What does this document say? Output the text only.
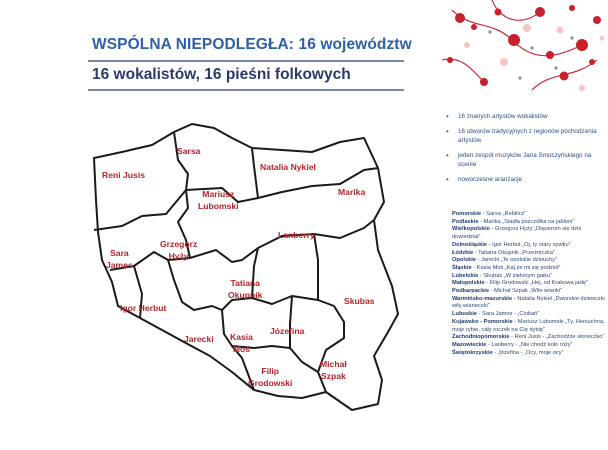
WSPÓLNA NIEPODLEGŁA: 16 województw
16 wokalistów, 16 pieśni folkowych
Sarsa
Reni Jusis
Natalia Nykiel
Marika
Mariusz
Lubomski
Lanberry
Sara
James
Grzegorz
Hyży
Tatiana
Okupnik
Igor Herbut
Skubas
Jarecki Kasia
Moś
Józefina
Filip
Grodowski
Michał
Szpak
• 16 znanych artystów wokalistów
• 16 utworów tradycyjnych z regionów pochodzenia artystów
• jeden zespół muzyków Jana Smoczyńskiego na scenie
• nowoczesne aranżacje
Pomorskie - Sarsa „Rebilicz”
Podlaskie - Marika „Siadła pszczółka na jabłoni”
Wielkopolskie - Grzegorz Hyży „Dopierom się dziś dowiedział”
Dolnośląskie - Igor Herbut „Oj, ty stary sywku”
Łódzkie - Tatiana Okupnik „Przeźniczka”
Opolskie - Jarecki „Te opolskie dziouchy”
Śląskie - Kasia Moś „Kaj że mi się podzioł”
Lubelskie - Skubas „W zielonym gaiku”
Małopolskie - Filip Grodowski „Hej, od Krakowa jadę”
Podkarpackie - Michał Szpak „Wite wianki”
Warmińsko-mazurskie - Natalia Nykiel „Dworskie dziewczki wiły wianeczki”
Lubuskie - Sara James - „Ciobań”
Kujawsko - Pomorskie - Mariusz Lubomski „Ty, Heniuchna, moje rybie, cały roczek na Cię dybię”
Zachodniopomorskie - Reni Jusis - „Zachodźże słoneczko”
Mazowieckie - Lanberry - „Nie chodź koło róży”
Świętokrzyskie - Józefina - „Ocy, moje ocy”
